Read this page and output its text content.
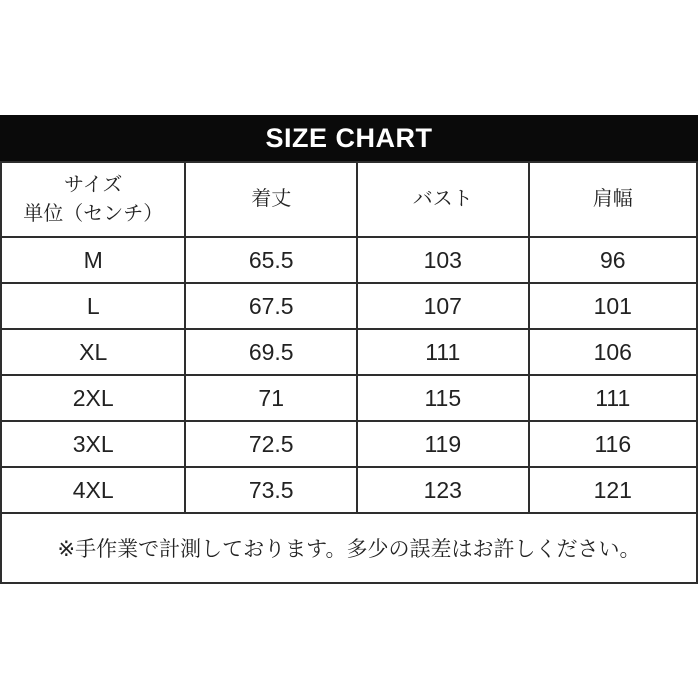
SIZE CHART
サイズ
単位（センチ）	着丈	バスト	肩幅
M	65.5	103	96
L	67.5	107	101
XL	69.5	111	106
2XL	71	115	111
3XL	72.5	119	116
4XL	73.5	123	121
※手作業で計測しております。多少の誤差はお許しください。			
